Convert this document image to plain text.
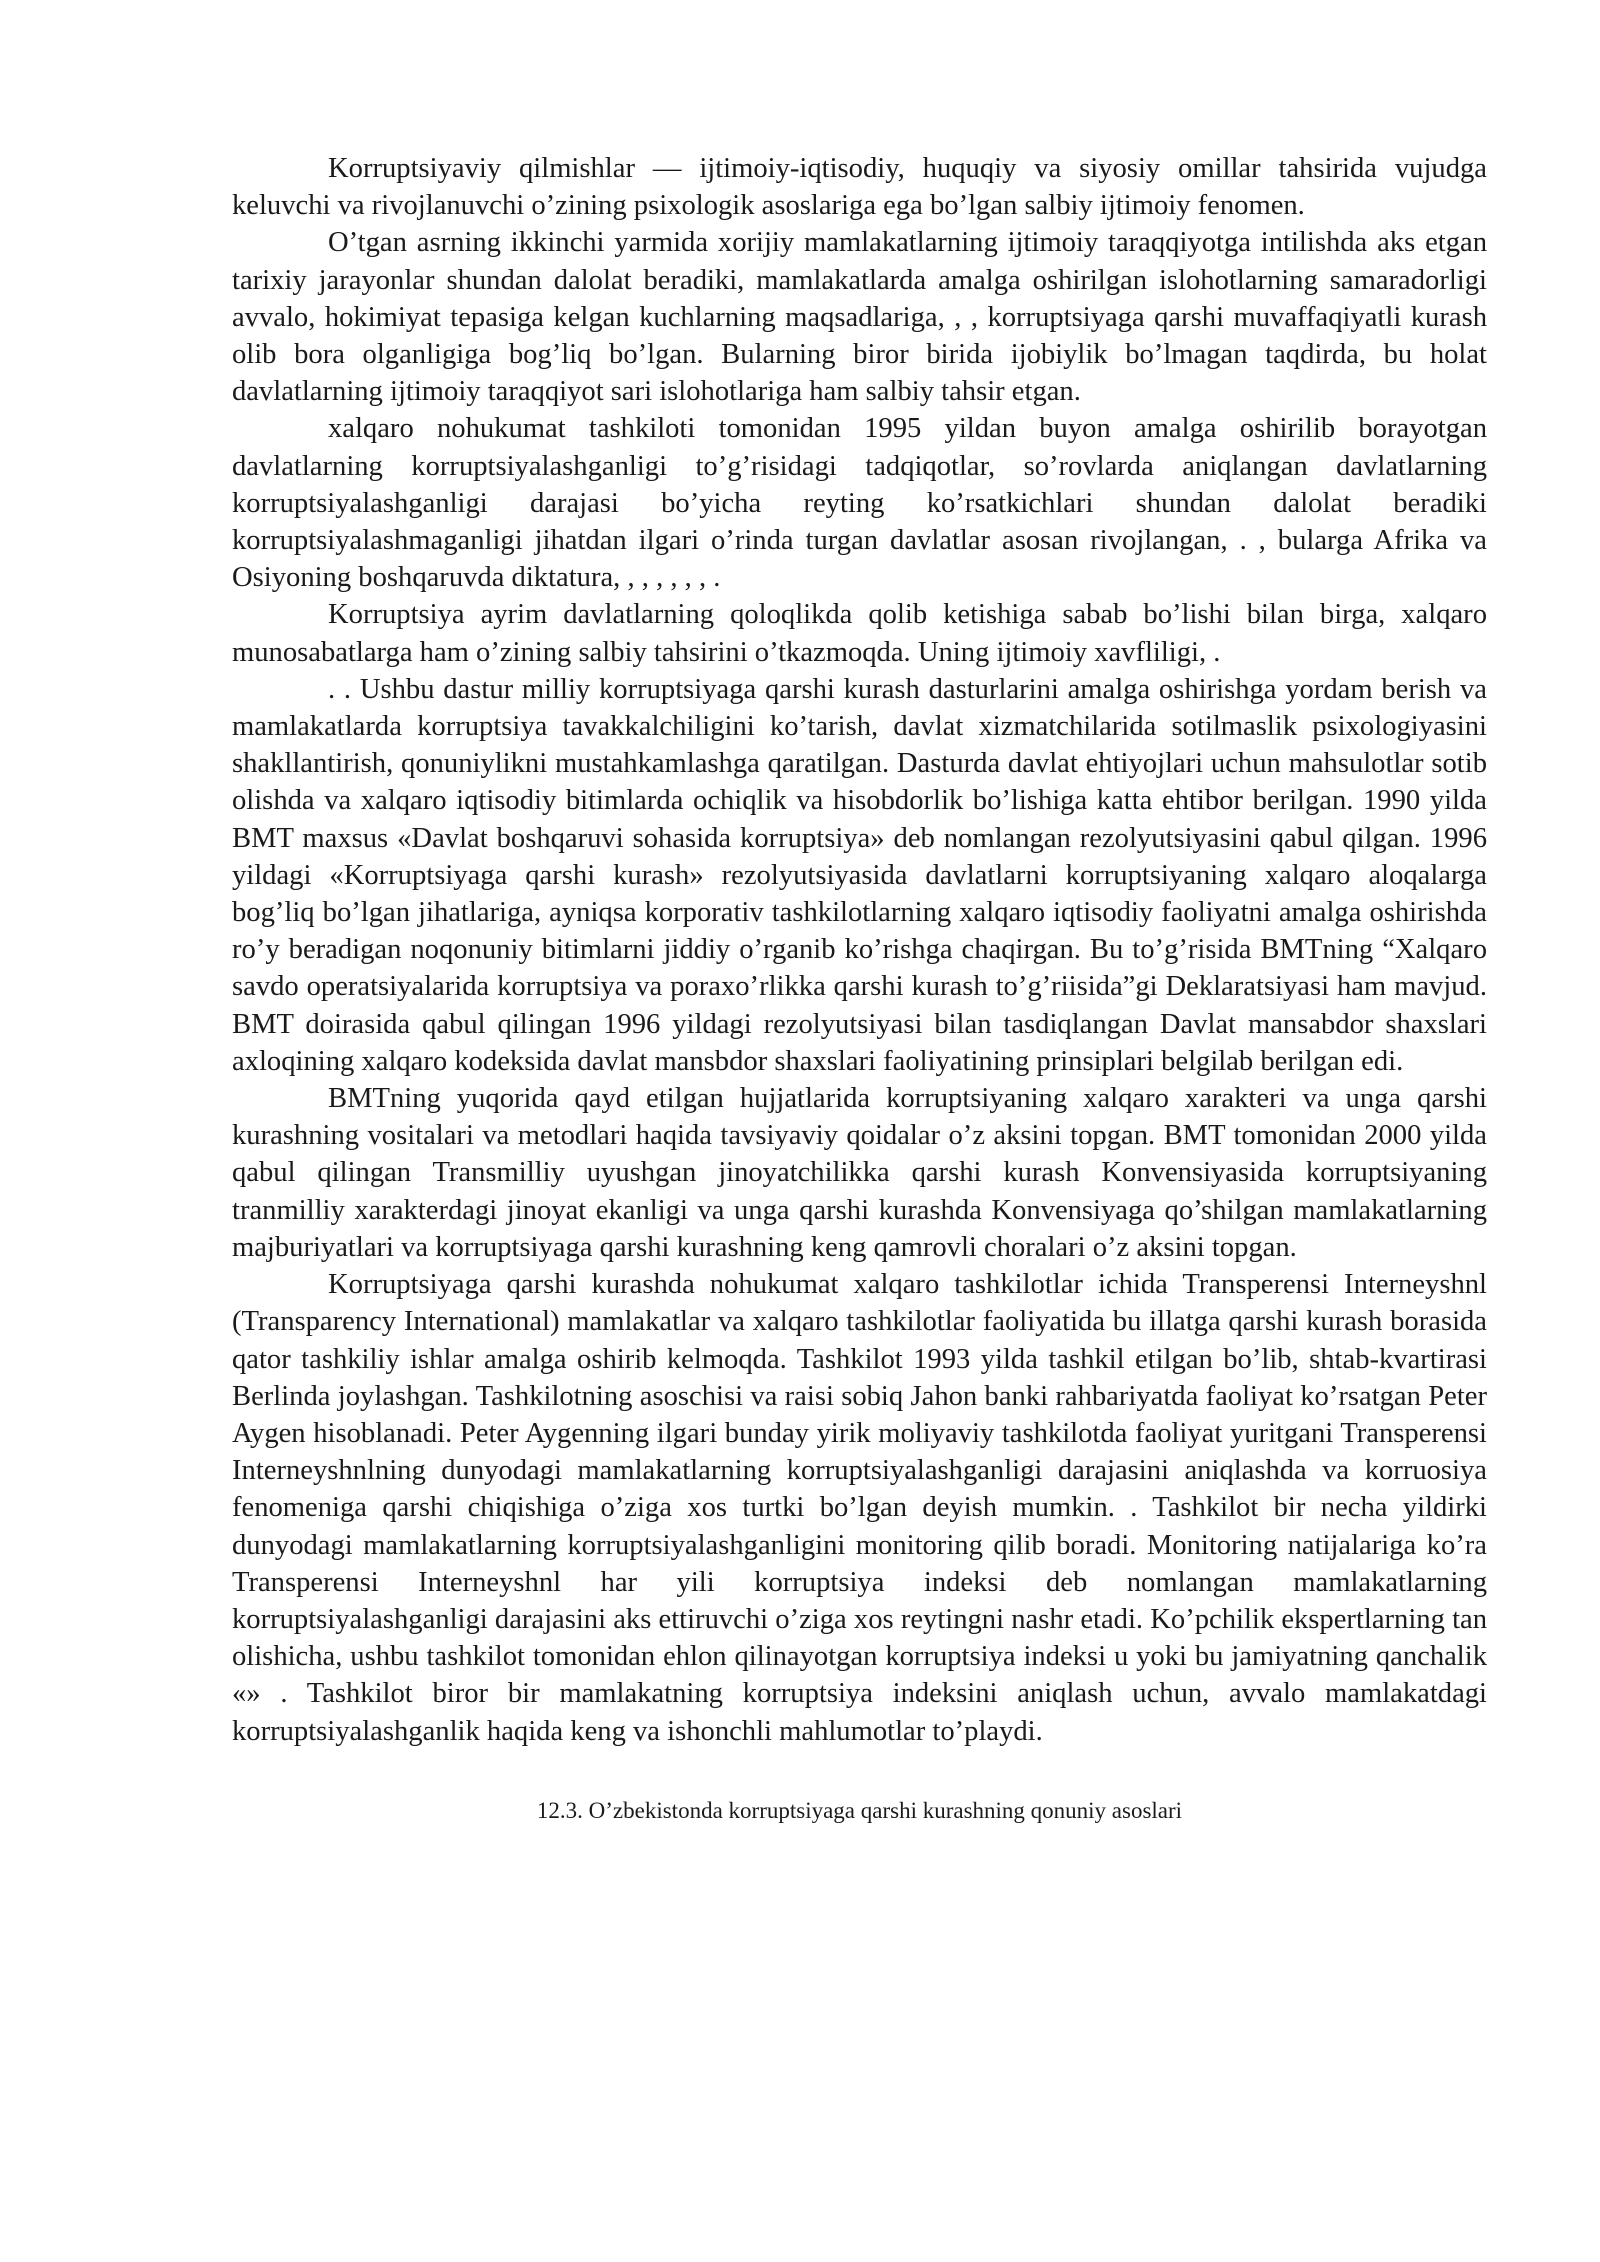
Korruptsiyaviy qilmishlar — ijtimoiy-iqtisodiy, huquqiy va siyosiy omillar tahsirida vujudga keluvchi va rivojlanuvchi o’zining psixologik asoslariga ega bo’lgan salbiy ijtimoiy fenomen.

O’tgan asrning ikkinchi yarmida xorijiy mamlakatlarning ijtimoiy taraqqiyotga intilishda aks etgan tarixiy jarayonlar shundan dalolat beradiki, mamlakatlarda amalga oshirilgan islohotlarning samaradorligi avvalo, hokimiyat tepasiga kelgan kuchlarning maqsadlariga, , , korruptsiyaga qarshi muvaffaqiyatli kurash olib bora olganligiga bog’liq bo’lgan. Bularning biror birida ijobiylik bo’lmagan taqdirda, bu holat davlatlarning ijtimoiy taraqqiyot sari islohotlariga ham salbiy tahsir etgan.

xalqaro nohukumat tashkiloti tomonidan 1995 yildan buyon amalga oshirilib borayotgan davlatlarning korruptsiyalashganligi to’g’risidagi tadqiqotlar, so’rovlarda aniqlangan davlatlarning korruptsiyalashganligi darajasi bo’yicha reyting ko’rsatkichlari shundan dalolat beradiki korruptsiyalashmaganligi jihatdan ilgari o’rinda turgan davlatlar asosan rivojlangan, . , bularga Afrika va Osiyoning boshqaruvda diktatura, , , , , , , .

Korruptsiya ayrim davlatlarning qoloqlikda qolib ketishiga sabab bo’lishi bilan birga, xalqaro munosabatlarga ham o’zining salbiy tahsirini o’tkazmoqda. Uning ijtimoiy xavfliligi, .

. . Ushbu dastur milliy korruptsiyaga qarshi kurash dasturlarini amalga oshirishga yordam berish va mamlakatlarda korruptsiya tavakkalchiligini ko’tarish, davlat xizmatchilarida sotilmaslik psixologiyasini shakllantirish, qonuniylikni mustahkamlashga qaratilgan. Dasturda davlat ehtiyojlari uchun mahsulotlar sotib olishda va xalqaro iqtisodiy bitimlarda ochiqlik va hisobdorlik bo’lishiga katta ehtibor berilgan. 1990 yilda BMT maxsus «Davlat boshqaruvi sohasida korruptsiya» deb nomlangan rezolyutsiyasini qabul qilgan. 1996 yildagi «Korruptsiyaga qarshi kurash» rezolyutsiyasida davlatlarni korruptsiyaning xalqaro aloqalarga bog’liq bo’lgan jihatlariga, ayniqsa korporativ tashkilotlarning xalqaro iqtisodiy faoliyatni amalga oshirishda ro’y beradigan noqonuniy bitimlarni jiddiy o’rganib ko’rishga chaqirgan. Bu to’g’risida BMTning “Xalqaro savdo operatsiyalarida korruptsiya va poraxo’rlikka qarshi kurash to’g’riisida”gi Deklaratsiyasi ham mavjud. BMT doirasida qabul qilingan 1996 yildagi rezolyutsiyasi bilan tasdiqlangan Davlat mansabdor shaxslari axloqining xalqaro kodeksida davlat mansbdor shaxslari faoliyatining prinsiplari belgilab berilgan edi.

BMTning yuqorida qayd etilgan hujjatlarida korruptsiyaning xalqaro xarakteri va unga qarshi kurashning vositalari va metodlari haqida tavsiyaviy qoidalar o’z aksini topgan. BMT tomonidan 2000 yilda qabul qilingan Transmilliy uyushgan jinoyatchilikka qarshi kurash Konvensiyasida korruptsiyaning tranmilliy xarakterdagi jinoyat ekanligi va unga qarshi kurashda Konvensiyaga qo’shilgan mamlakatlarning majburiyatlari va korruptsiyaga qarshi kurashning keng qamrovli choralari o’z aksini topgan.

Korruptsiyaga qarshi kurashda nohukumat xalqaro tashkilotlar ichida Transperensi Interneyshnl (Transparency International) mamlakatlar va xalqaro tashkilotlar faoliyatida bu illatga qarshi kurash borasida qator tashkiliy ishlar amalga oshirib kelmoqda. Tashkilot 1993 yilda tashkil etilgan bo’lib, shtab-kvartirasi Berlinda joylashgan. Tashkilotning asoschisi va raisi sobiq Jahon banki rahbariyatda faoliyat ko’rsatgan Peter Aygen hisoblanadi. Peter Aygenning ilgari bunday yirik moliyaviy tashkilotda faoliyat yuritgani Transperensi Interneyshnlning dunyodagi mamlakatlarning korruptsiyalashganligi darajasini aniqlashda va korruosiya fenomeniga qarshi chiqishiga o’ziga xos turtki bo’lgan deyish mumkin. . Tashkilot bir necha yildirki dunyodagi mamlakatlarning korruptsiyalashganligini monitoring qilib boradi. Monitoring natijalariga ko’ra Transperensi Interneyshnl har yili korruptsiya indeksi deb nomlangan mamlakatlarning korruptsiyalashganligi darajasini aks ettiruvchi o’ziga xos reytingni nashr etadi. Ko’pchilik ekspertlarning tan olishicha, ushbu tashkilot tomonidan ehlon qilinayotgan korruptsiya indeksi u yoki bu jamiyatning qanchalik «» . Tashkilot biror bir mamlakatning korruptsiya indeksini aniqlash uchun, avvalo mamlakatdagi korruptsiyalashganlik haqida keng va ishonchli mahlumotlar to’playdi.

12.3. O’zbekistonda korruptsiyaga qarshi kurashning qonuniy asoslari
